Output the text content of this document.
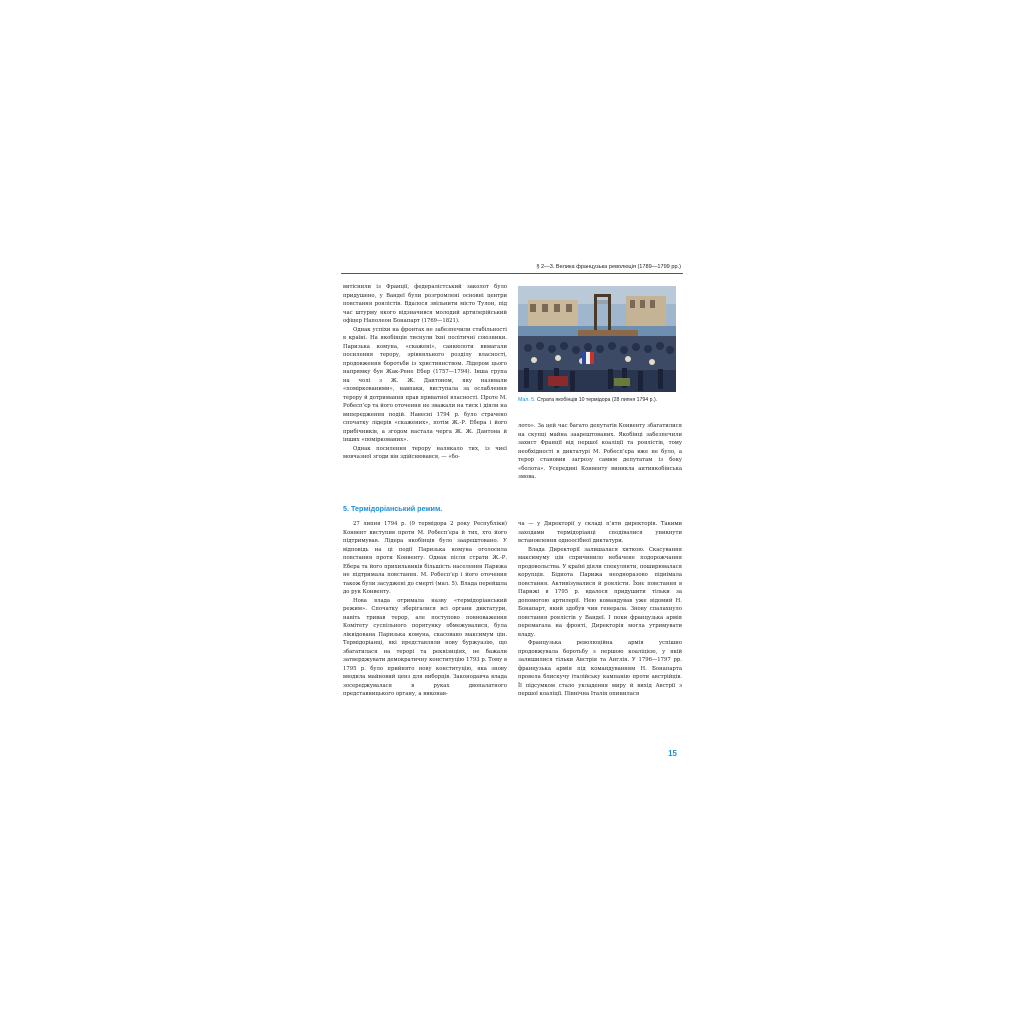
§ 2—3. Велика французька революція (1789—1799 рр.)

витіснили із Франції, федералістський заколот було придушено, у Вандеї були розгромлені основні центри повстання роялістів. Вдалося звільнити місто Тулон, під час штурму якого відзначився молодий артилерійський офіцер Наполеон Бонапарт (1769—1821).

Однак успіхи на фронтах не забезпечили стабільності в країні. На якобінців тиснули їхні політичні союзники. Паризька комуна, «скажені», санкюлоти вимагали посилення терору, зрівняльного розділу власності, продовження боротьби із християнством. Лідером цього напрямку був Жак-Рене Ебер (1757—1794). Інша група на чолі з Ж. Ж. Дантоном, яку називали «поміркованими», навпаки, виступала за ослаблення терору й дотримання прав приватної власності. Проте М. Робесп’єр та його оточення не зважали на тиск і діяли на випередження подій. Навесні 1794 р. було страчено спочатку лідерів «скажених», потім Ж.-Р. Ебера і його прибічників, а згодом настала черга Ж. Ж. Дантона й інших «поміркованих».

Однак посилення терору налякало тих, із чиєї мовчазної згоди він здійснювався, — «бо-

Мал. 5. Страта якобінців 10 термідора (28 липня 1794 р.).

лото». За цей час багато депутатів Конвенту збагатилися на скупці майна заарештованих. Якобінці забезпечили захист Франції від першої коаліції та роялістів, тому необхідності в диктатурі М. Робесп’єра вже не було, а терор становив загрозу самим депутатам із боку «болота». Усередині Конвенту виникла антиякобінська змова.

5. Термідоріанський режим.

27 липня 1794 р. (9 термідора 2 року Республіки) Конвент виступив проти М. Робесп’єра й тих, хто його підтримував. Лідера якобінців було заарештовано. У відповідь на ці події Паризька комуна оголосила повстання проти Конвенту. Однак після страти Ж.-Р. Ебера та його прихильників більшість населення Парижа не підтримала повстання. М. Робесп’єр і його оточення також були засуджені до смерті (мал. 5). Влада перейшла до рук Конвенту.

Нова влада отримала назву «термідоріанський режим». Спочатку зберігалися всі органи диктатури, навіть тривав терор, але поступово повноваження Комітету суспільного порятунку обмежувалися, була ліквідована Паризька комуна, скасовано максимум цін. Термідоріанці, які представляли нову буржуазію, що збагатилася на терорі та реквізиціях, не бажали затверджувати демократичну конституцію 1793 р. Тому в 1795 р. було прийнято нову конституцію, яка знову вводила майновий ценз для виборців. Законодавча влада зосереджувалася в руках двопалатного представницького органу, а виконав-

ча — у Директорії у складі п’яти директорів. Такими заходами термідоріанці сподівалися уникнути встановлення одноосібної диктатури.

Влада Директорії залишалася хиткою. Скасування максимуму цін спричинило небачене подорожчання продовольства. У країні діяли спекулянти, поширювалася корупція. Біднота Парижа неодноразово піднімала повстання. Активізувалися й роялісти. Їхнє повстання в Парижі в 1795 р. вдалося придушити тільки за допомогою артилерії. Нею командував уже відомий Н. Бонапарт, який здобув чин генерала. Знову спалахнуло повстання роялістів у Вандеї. І поки французька армія перемагала на фронті, Директорія могла утримувати владу.

Французька революційна армія успішно продовжувала боротьбу з першою коаліцією, у якій залишилися тільки Австрія та Англія. У 1796—1797 рр. французька армія під командуванням Н. Бонапарта провела блискучу італійську кампанію проти австрійців. Її підсумком стало укладення миру й вихід Австрії з першої коаліції. Північна Італія опинилася

15
